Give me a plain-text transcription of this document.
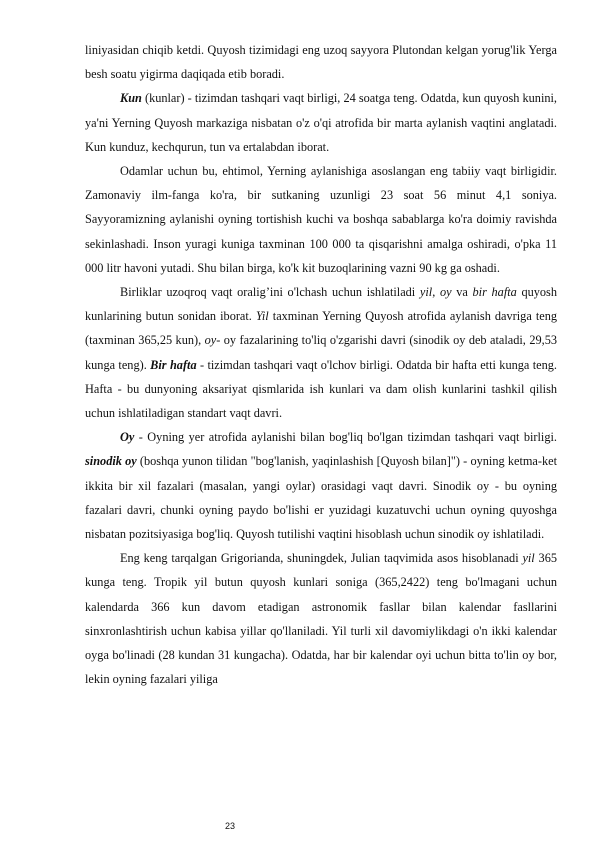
liniyasidan chiqib ketdi. Quyosh tizimidagi eng uzoq sayyora Plutondan kelgan yorug'lik Yerga besh soatu yigirma daqiqada etib boradi.

Kun (kunlar) - tizimdan tashqari vaqt birligi, 24 soatga teng. Odatda, kun quyosh kunini, ya'ni Yerning Quyosh markaziga nisbatan o'z o'qi atrofida bir marta aylanish vaqtini anglatadi. Kun kunduz, kechqurun, tun va ertalabdan iborat.

Odamlar uchun bu, ehtimol, Yerning aylanishiga asoslangan eng tabiiy vaqt birligidir. Zamonaviy ilm-fanga ko'ra, bir sutkaning uzunligi 23 soat 56 minut 4,1 soniya. Sayyoramizning aylanishi oyning tortishish kuchi va boshqa sabablarga ko'ra doimiy ravishda sekinlashadi. Inson yuragi kuniga taxminan 100 000 ta qisqarishni amalga oshiradi, o'pka 11 000 litr havoni yutadi. Shu bilan birga, ko'k kit buzoqlarining vazni 90 kg ga oshadi.

Birliklar uzoqroq vaqt oralig’ini o'lchash uchun ishlatiladi yil, oy va bir hafta quyosh kunlarining butun sonidan iborat. Yil taxminan Yerning Quyosh atrofida aylanish davriga teng (taxminan 365,25 kun), oy- oy fazalarining to'liq o'zgarishi davri (sinodik oy deb ataladi, 29,53 kunga teng). Bir hafta - tizimdan tashqari vaqt o'lchov birligi. Odatda bir hafta etti kunga teng. Hafta - bu dunyoning aksariyat qismlarida ish kunlari va dam olish kunlarini tashkil qilish uchun ishlatiladigan standart vaqt davri.

Oy - Oyning yer atrofida aylanishi bilan bog'liq bo'lgan tizimdan tashqari vaqt birligi. sinodik oy (boshqa yunon tilidan "bog'lanish, yaqinlashish [Quyosh bilan]") - oyning ketma-ket ikkita bir xil fazalari (masalan, yangi oylar) orasidagi vaqt davri. Sinodik oy - bu oyning fazalari davri, chunki oyning paydo bo'lishi er yuzidagi kuzatuvchi uchun oyning quyoshga nisbatan pozitsiyasiga bog'liq. Quyosh tutilishi vaqtini hisoblash uchun sinodik oy ishlatiladi.

Eng keng tarqalgan Grigorianda, shuningdek, Julian taqvimida asos hisoblanadi yil 365 kunga teng. Tropik yil butun quyosh kunlari soniga (365,2422) teng bo'lmagani uchun kalendarda 366 kun davom etadigan astronomik fasllar bilan kalendar fasllarini sinxronlashtirish uchun kabisa yillar qo'llaniladi. Yil turli xil davomiylikdagi o'n ikki kalendar oyga bo'linadi (28 kundan 31 kungacha). Odatda, har bir kalendar oyi uchun bitta to'lin oy bor, lekin oyning fazalari yiliga

23
